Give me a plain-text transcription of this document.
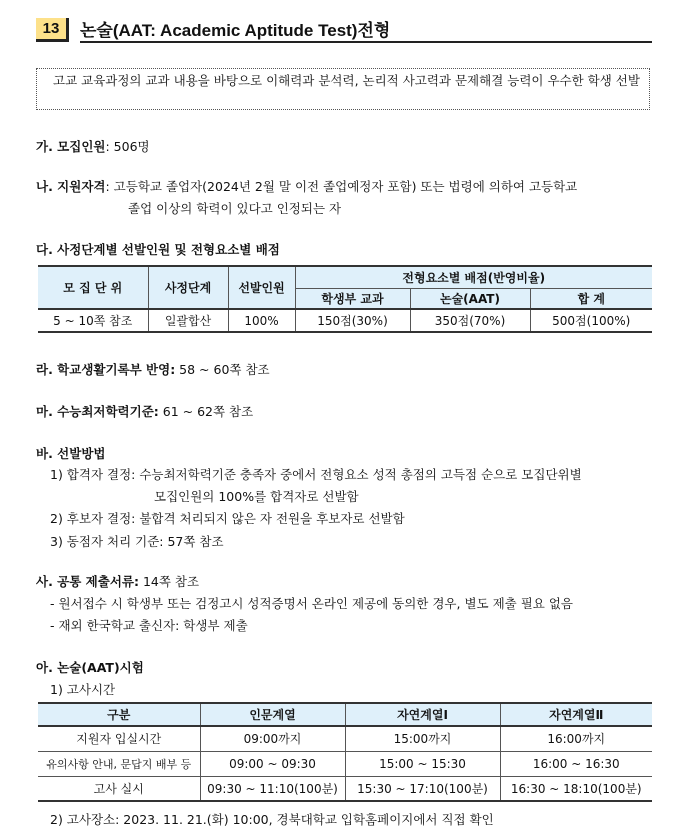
13	논술(AAT: Academic Aptitude Test)전형
고교 교육과정의 교과 내용을 바탕으로 이해력과 분석력, 논리적 사고력과 문제해결 능력이 우수한 학생 선발
가. 모집인원: 506명
나. 지원자격: 고등학교 졸업자(2024년 2월 말 이전 졸업예정자 포함) 또는 법령에 의하여 고등학교
졸업 이상의 학력이 있다고 인정되는 자
다. 사정단계별 선발인원 및 전형요소별 배점
모 집 단 위	사정단계	선발인원	전형요소별 배점(반영비율)		
			학생부 교과	논술(AAT)	합 계
5 ~ 10쪽 참조	일괄합산	100%	150점(30%)	350점(70%)	500점(100%)
라. 학교생활기록부 반영: 58 ~ 60쪽 참조
마. 수능최저학력기준: 61 ~ 62쪽 참조
바. 선발방법
1) 합격자 결정: 수능최저학력기준 충족자 중에서 전형요소 성적 총점의 고득점 순으로 모집단위별
모집인원의 100%를 합격자로 선발함
2) 후보자 결정: 불합격 처리되지 않은 자 전원을 후보자로 선발함
3) 동점자 처리 기준: 57쪽 참조
사. 공통 제출서류: 14쪽 참조
- 원서접수 시 학생부 또는 검정고시 성적증명서 온라인 제공에 동의한 경우, 별도 제출 필요 없음
- 재외 한국학교 출신자: 학생부 제출
아. 논술(AAT)시험
1) 고사시간
구분	인문계열	자연계열Ⅰ	자연계열Ⅱ
지원자 입실시간	09:00까지	15:00까지	16:00까지
유의사항 안내, 문답지 배부 등	09:00 ~ 09:30	15:00 ~ 15:30	16:00 ~ 16:30
고사 실시	09:30 ~ 11:10(100분)	15:30 ~ 17:10(100분)	16:30 ~ 18:10(100분)
2) 고사장소: 2023. 11. 21.(화) 10:00, 경북대학교 입학홈페이지에서 직접 확인
